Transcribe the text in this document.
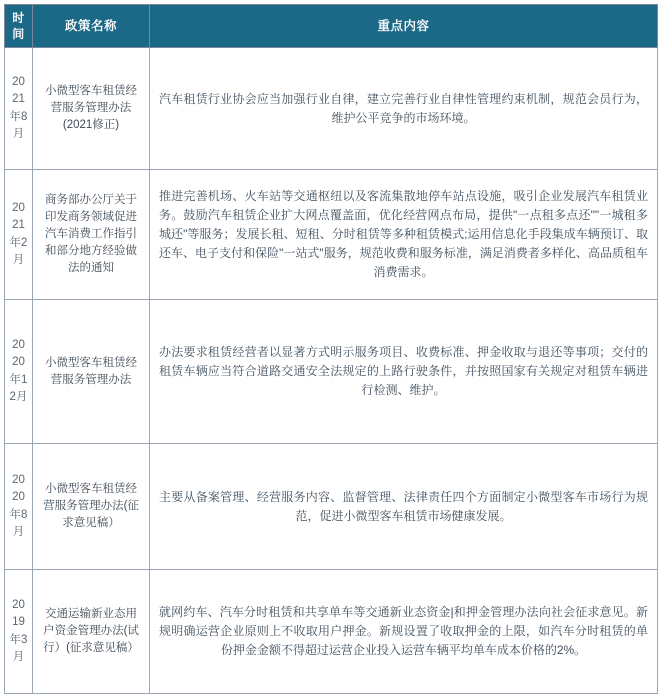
时间	政策名称	重点内容
2021年8月	小微型客车租赁经营服务管理办法(2021修正)	汽车租赁行业协会应当加强行业自律，建立完善行业自律性管理约束机制，规范会员行为，维护公平竞争的市场环境。
2021年2月	商务部办公厅关于印发商务领域促进汽车消费工作指引和部分地方经验做法的通知	推进完善机场、火车站等交通枢纽以及客流集散地停车站点设施，吸引企业发展汽车租赁业务。鼓励汽车租赁企业扩大网点覆盖面，优化经营网点布局，提供"一点租多点还""一城租多城还"等服务；发展长租、短租、分时租赁等多种租赁模式;运用信息化手段集成车辆预订、取还车、电子支付和保险"一站式"服务，规范收费和服务标准，满足消费者多样化、高品质租车消费需求。
2020年12月	小微型客车租赁经营服务管理办法	办法要求租赁经营者以显著方式明示服务项目、收费标准、押金收取与退还等事项；交付的租赁车辆应当符合道路交通安全法规定的上路行驶条件，并按照国家有关规定对租赁车辆进行检测、维护。
2020年8月	小微型客车租赁经营服务管理办法(征求意见稿）	主要从备案管理、经营服务内容、监督管理、法律责任四个方面制定小微型客车市场行为规范，促进小微型客车租赁市场健康发展。
2019年3月	交通运输新业态用户资金管理办法(试行）(征求意见稿）	就网约车、汽车分时租赁和共享单车等交通新业态资金|和押金管理办法向社会征求意见。新规明确运营企业原则上不收取用户押金。新规设置了收取押金的上限，如汽车分时租赁的单份押金金额不得超过运营企业投入运营车辆平均单车成本价格的2%。
